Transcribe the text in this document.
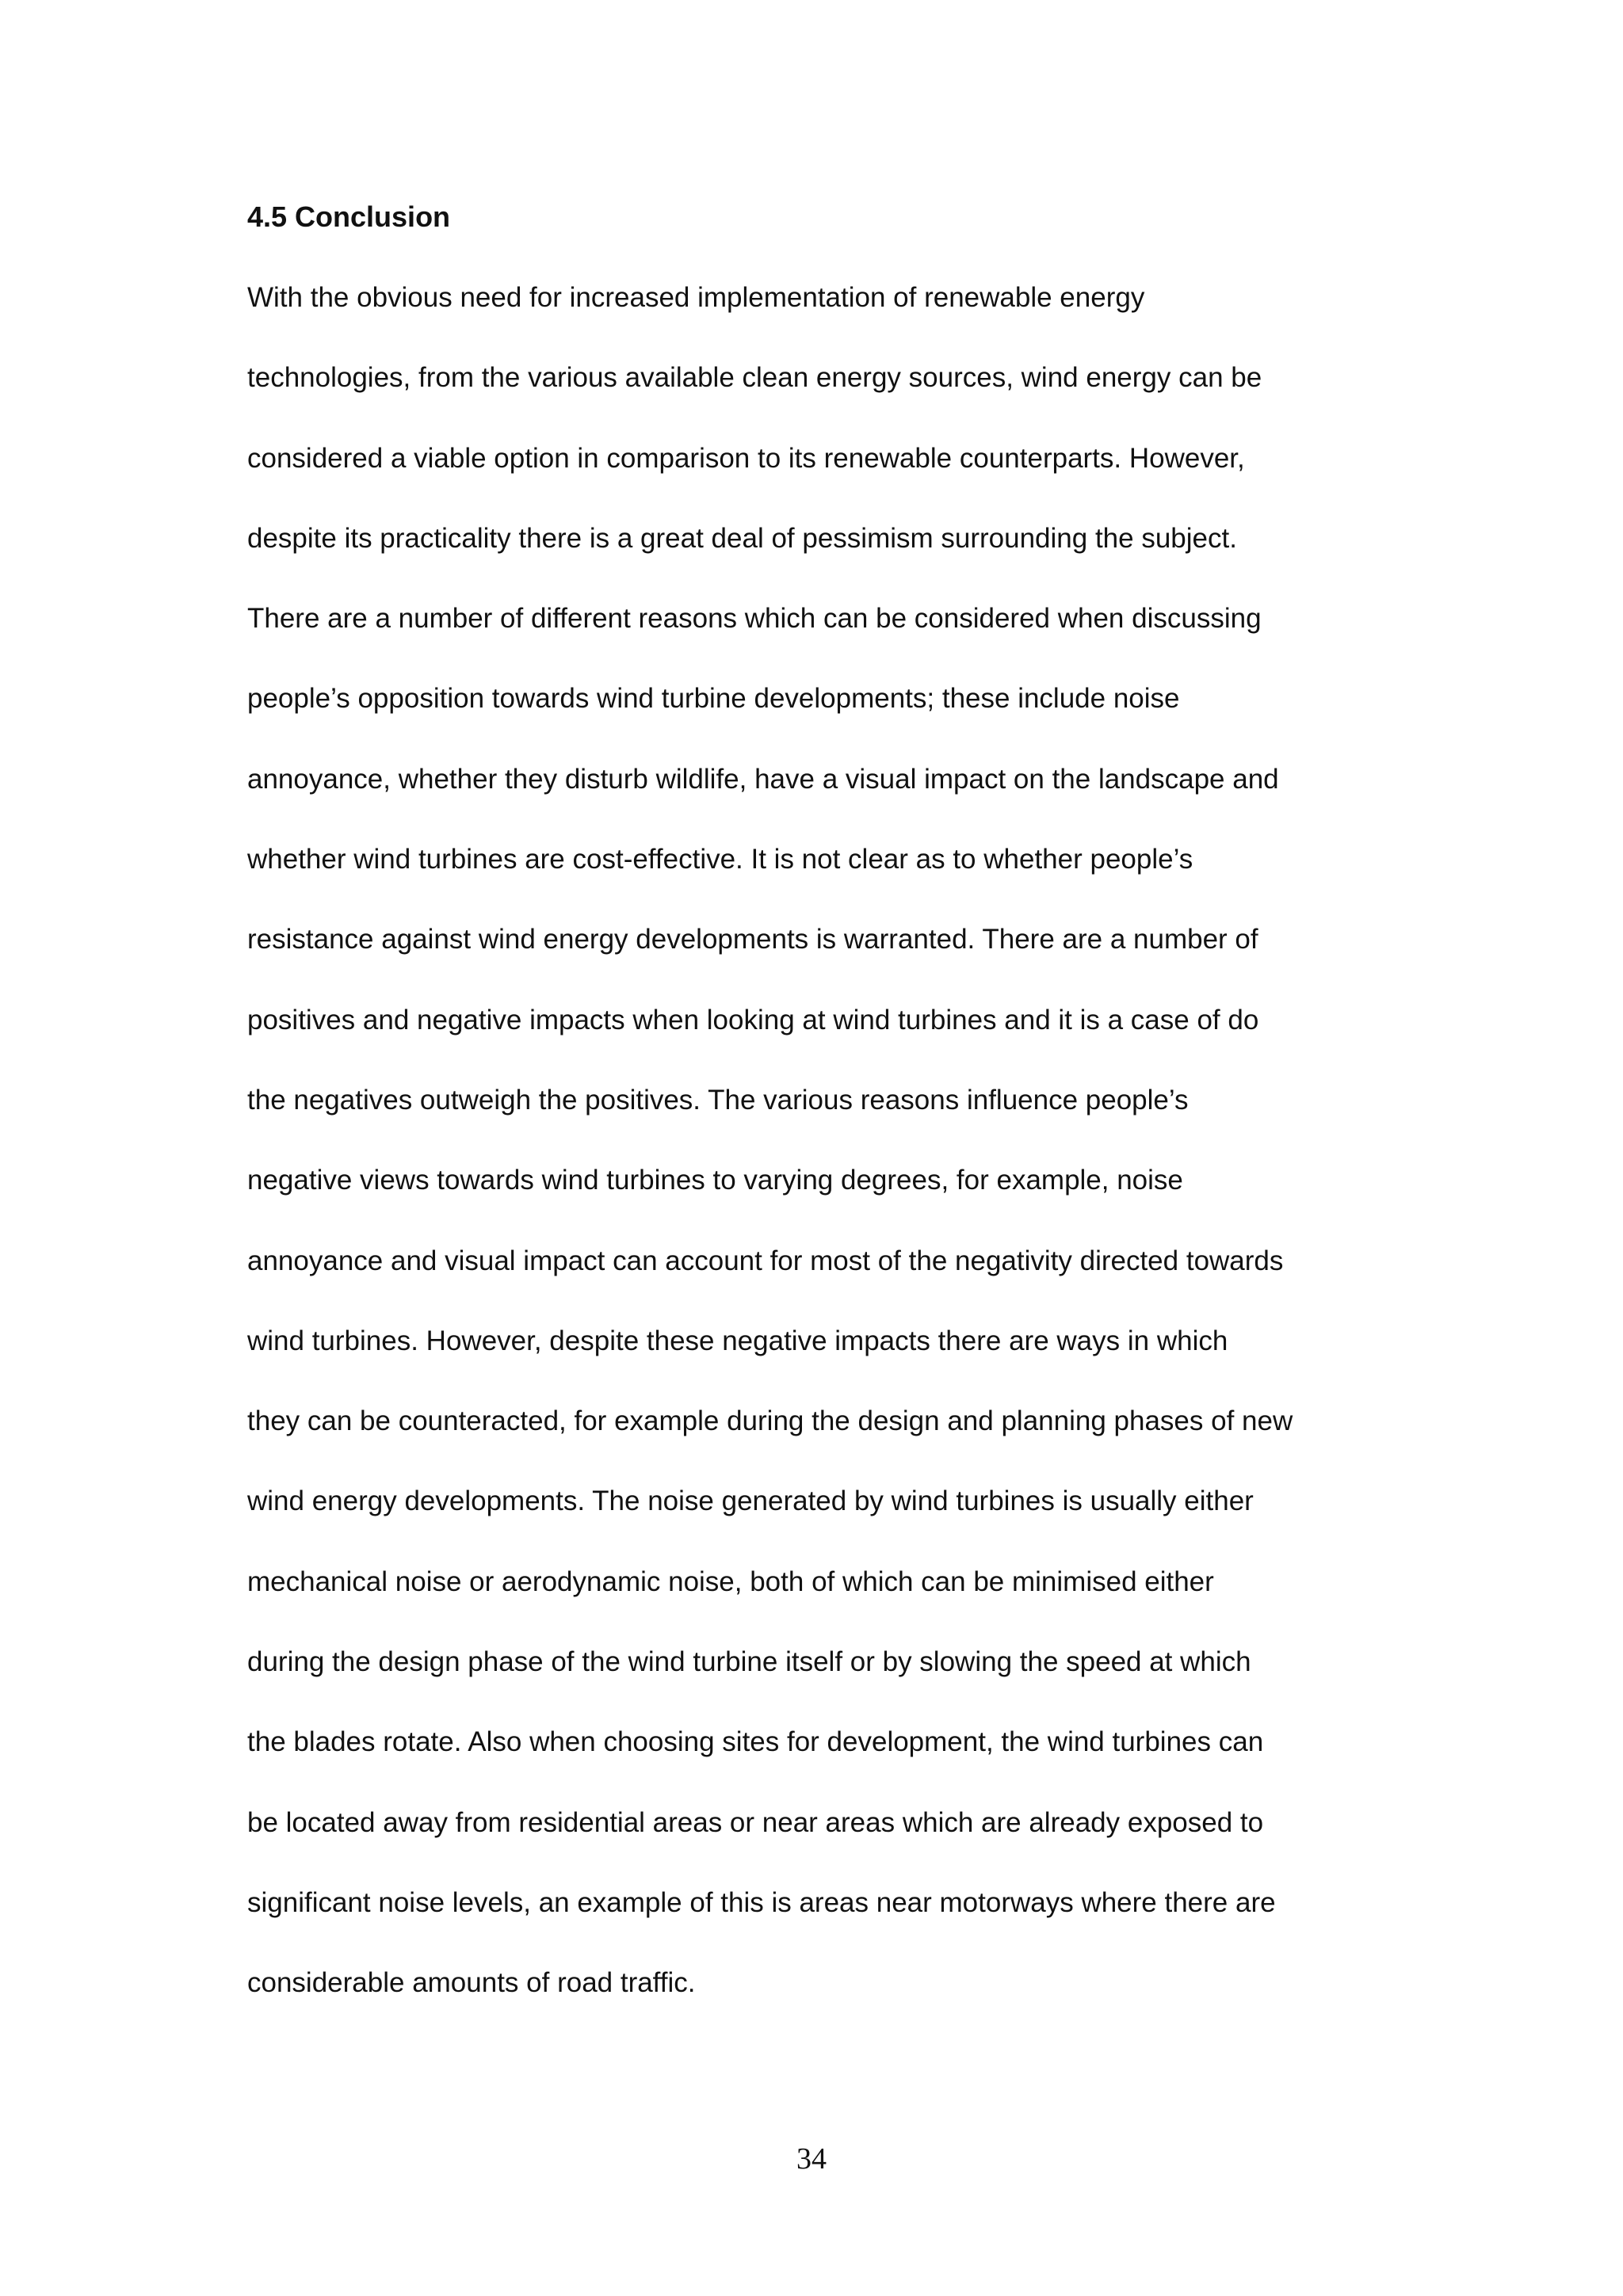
4.5 Conclusion
With the obvious need for increased implementation of renewable energy
technologies, from the various available clean energy sources, wind energy can be
considered a viable option in comparison to its renewable counterparts. However,
despite its practicality there is a great deal of pessimism surrounding the subject.
There are a number of different reasons which can be considered when discussing
people’s opposition towards wind turbine developments; these include noise
annoyance, whether they disturb wildlife, have a visual impact on the landscape and
whether wind turbines are cost-effective. It is not clear as to whether people’s
resistance against wind energy developments is warranted. There are a number of
positives and negative impacts when looking at wind turbines and it is a case of do
the negatives outweigh the positives. The various reasons influence people’s
negative views towards wind turbines to varying degrees, for example, noise
annoyance and visual impact can account for most of the negativity directed towards
wind turbines. However, despite these negative impacts there are ways in which
they can be counteracted, for example during the design and planning phases of new
wind energy developments. The noise generated by wind turbines is usually either
mechanical noise or aerodynamic noise, both of which can be minimised either
during the design phase of the wind turbine itself or by slowing the speed at which
the blades rotate. Also when choosing sites for development, the wind turbines can
be located away from residential areas or near areas which are already exposed to
significant noise levels, an example of this is areas near motorways where there are
considerable amounts of road traffic.
34
